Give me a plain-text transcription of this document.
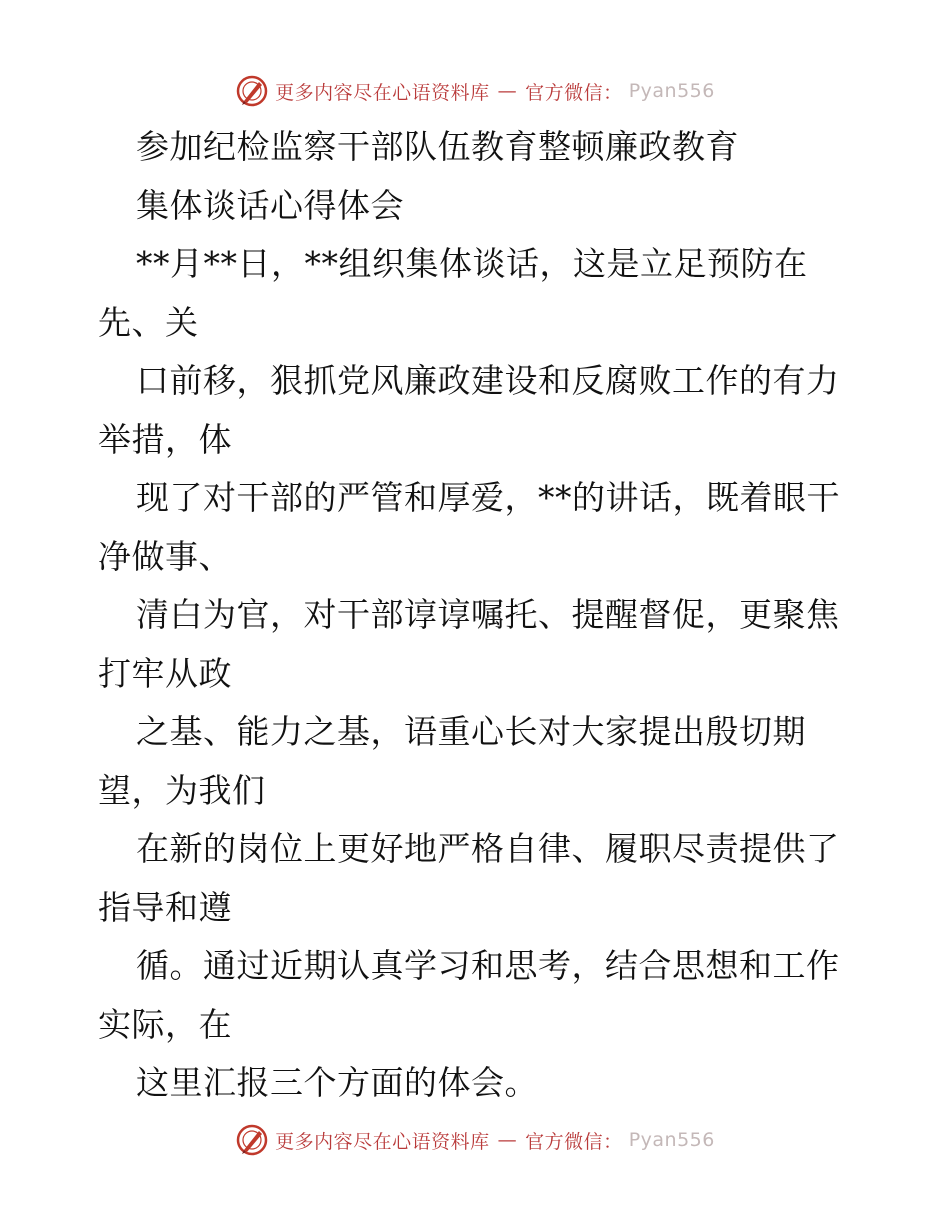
更多内容尽在心语资料库 — 官方微信： Pyan556
参加纪检监察干部队伍教育整顿廉政教育
集体谈话心得体会
**月**日，**组织集体谈话，这是立足预防在
先、关
口前移，狠抓党风廉政建设和反腐败工作的有力
举措，体
现了对干部的严管和厚爱，**的讲话，既着眼干
净做事、
清白为官，对干部谆谆嘱托、提醒督促，更聚焦
打牢从政
之基、能力之基，语重心长对大家提出殷切期
望，为我们
在新的岗位上更好地严格自律、履职尽责提供了
指导和遵
循。通过近期认真学习和思考，结合思想和工作
实际，在
这里汇报三个方面的体会。
更多内容尽在心语资料库 — 官方微信： Pyan556
